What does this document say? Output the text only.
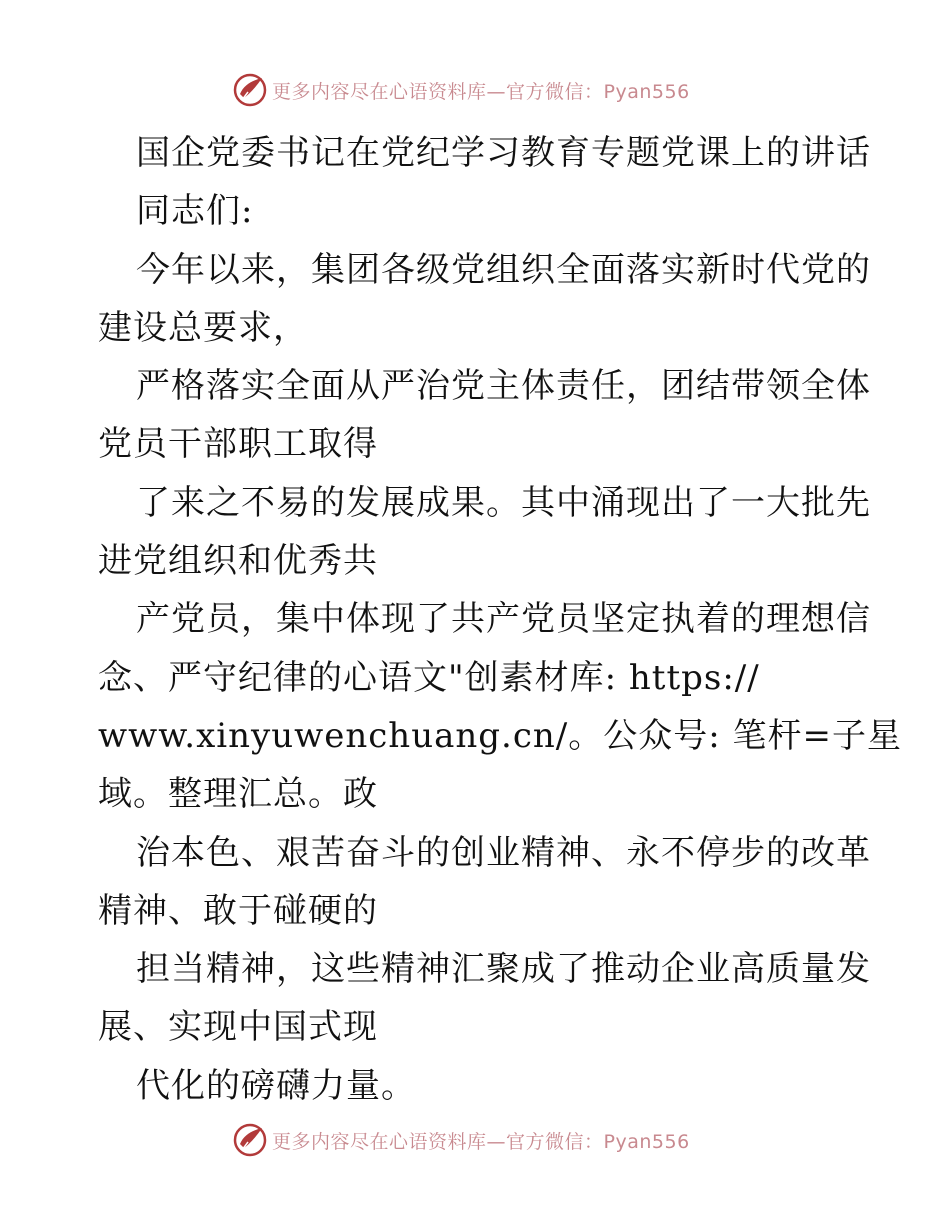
更多内容尽在心语资料库—官方微信：Pyan556
国企党委书记在党纪学习教育专题党课上的讲话
同志们:
今年以来，集团各级党组织全面落实新时代党的
建设总要求，
严格落实全面从严治党主体责任，团结带领全体
党员干部职工取得
了来之不易的发展成果。其中涌现出了一大批先
进党组织和优秀共
产党员，集中体现了共产党员坚定执着的理想信
念、严守纪律的心语文"创素材库: https://
www.xinyuwenchuang.cn/。公众号: 笔杆=子星
域。整理汇总。政
治本色、艰苦奋斗的创业精神、永不停步的改革
精神、敢于碰硬的
担当精神，这些精神汇聚成了推动企业高质量发
展、实现中国式现
代化的磅礴力量。
更多内容尽在心语资料库—官方微信：Pyan556
